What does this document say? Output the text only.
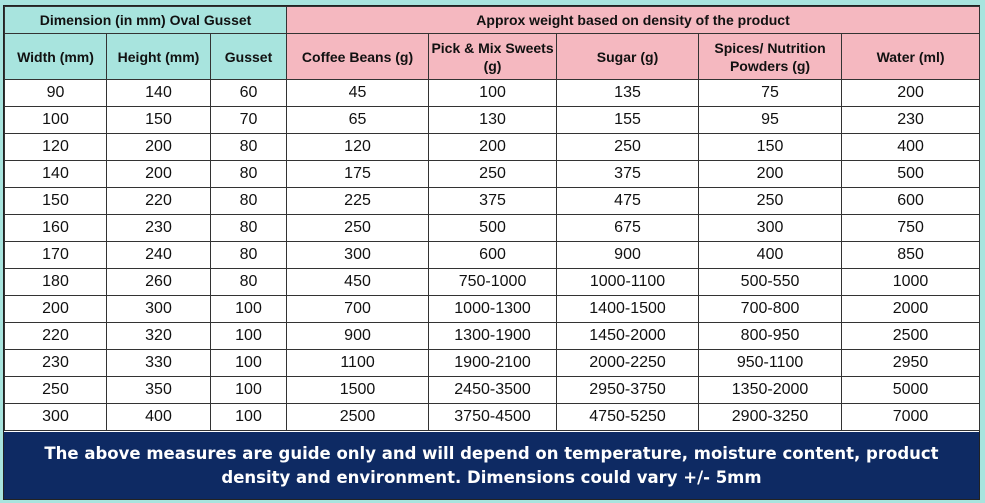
Dimension (in mm) Oval Gusset			Approx weight based on density of the product				
Width (mm)	Height (mm)	Gusset	Coffee Beans (g)	Pick & Mix Sweets (g)	Sugar (g)	Spices/ Nutrition Powders (g)	Water (ml)
90	140	60	45	100	135	75	200
100	150	70	65	130	155	95	230
120	200	80	120	200	250	150	400
140	200	80	175	250	375	200	500
150	220	80	225	375	475	250	600
160	230	80	250	500	675	300	750
170	240	80	300	600	900	400	850
180	260	80	450	750-1000	1000-1100	500-550	1000
200	300	100	700	1000-1300	1400-1500	700-800	2000
220	320	100	900	1300-1900	1450-2000	800-950	2500
230	330	100	1100	1900-2100	2000-2250	950-1100	2950
250	350	100	1500	2450-3500	2950-3750	1350-2000	5000
300	400	100	2500	3750-4500	4750-5250	2900-3250	7000
The above measures are guide only and will depend on temperature, moisture content, product density and environment. Dimensions could vary +/- 5mm
